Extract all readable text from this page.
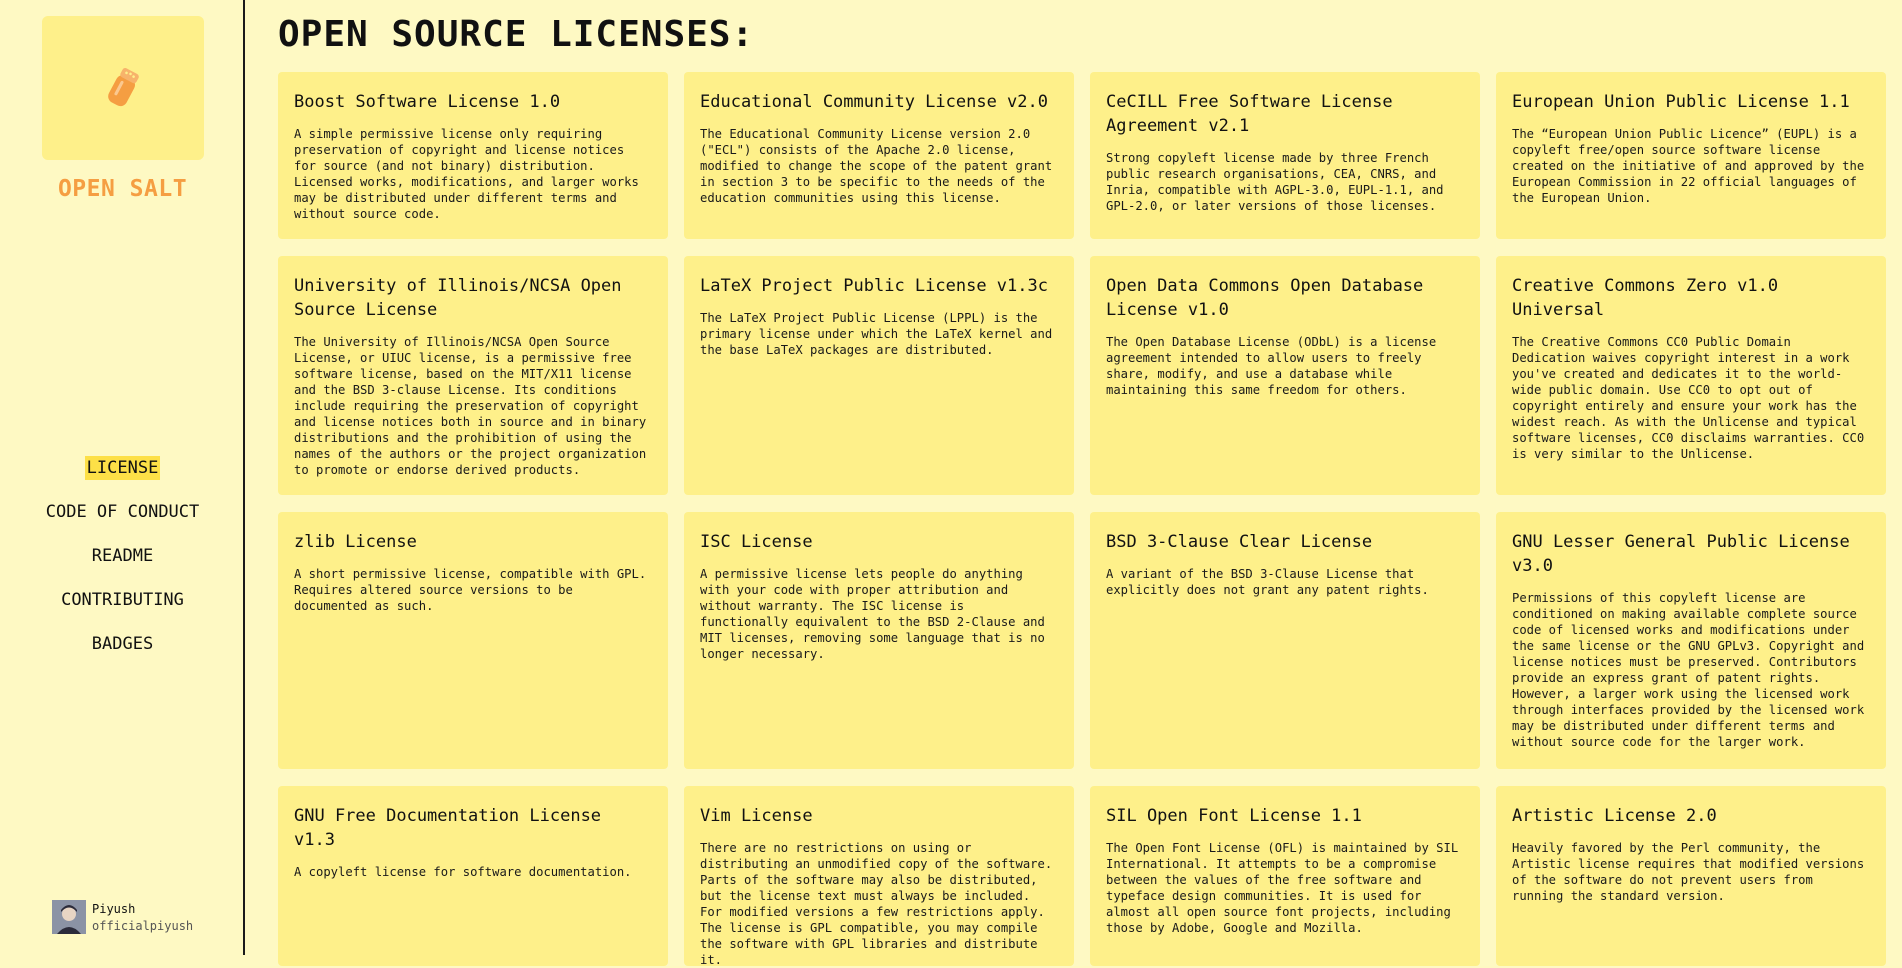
OPEN SALT
LICENSE
CODE OF CONDUCT
README
CONTRIBUTING
BADGES
Piyush
officialpiyush
OPEN SOURCE LICENSES:
Boost Software License 1.0
A simple permissive license only requiring preservation of copyright and license notices for source (and not binary) distribution. Licensed works, modifications, and larger works may be distributed under different terms and without source code.
Educational Community License v2.0
The Educational Community License version 2.0 ("ECL") consists of the Apache 2.0 license, modified to change the scope of the patent grant in section 3 to be specific to the needs of the education communities using this license.
CeCILL Free Software License Agreement v2.1
Strong copyleft license made by three French public research organisations, CEA, CNRS, and Inria, compatible with AGPL-3.0, EUPL-1.1, and GPL-2.0, or later versions of those licenses.
European Union Public License 1.1
The “European Union Public Licence” (EUPL) is a copyleft free/open source software license created on the initiative of and approved by the European Commission in 22 official languages of the European Union.
University of Illinois/NCSA Open Source License
The University of Illinois/NCSA Open Source License, or UIUC license, is a permissive free software license, based on the MIT/X11 license and the BSD 3-clause License. Its conditions include requiring the preservation of copyright and license notices both in source and in binary distributions and the prohibition of using the names of the authors or the project organization to promote or endorse derived products.
LaTeX Project Public License v1.3c
The LaTeX Project Public License (LPPL) is the primary license under which the LaTeX kernel and the base LaTeX packages are distributed.
Open Data Commons Open Database License v1.0
The Open Database License (ODbL) is a license agreement intended to allow users to freely share, modify, and use a database while maintaining this same freedom for others.
Creative Commons Zero v1.0 Universal
The Creative Commons CC0 Public Domain Dedication waives copyright interest in a work you've created and dedicates it to the world-wide public domain. Use CC0 to opt out of copyright entirely and ensure your work has the widest reach. As with the Unlicense and typical software licenses, CC0 disclaims warranties. CC0 is very similar to the Unlicense.
zlib License
A short permissive license, compatible with GPL. Requires altered source versions to be documented as such.
ISC License
A permissive license lets people do anything with your code with proper attribution and without warranty. The ISC license is functionally equivalent to the BSD 2-Clause and MIT licenses, removing some language that is no longer necessary.
BSD 3-Clause Clear License
A variant of the BSD 3-Clause License that explicitly does not grant any patent rights.
GNU Lesser General Public License v3.0
Permissions of this copyleft license are conditioned on making available complete source code of licensed works and modifications under the same license or the GNU GPLv3. Copyright and license notices must be preserved. Contributors provide an express grant of patent rights. However, a larger work using the licensed work through interfaces provided by the licensed work may be distributed under different terms and without source code for the larger work.
GNU Free Documentation License v1.3
A copyleft license for software documentation.
Vim License
There are no restrictions on using or distributing an unmodified copy of the software. Parts of the software may also be distributed, but the license text must always be included. For modified versions a few restrictions apply. The license is GPL compatible, you may compile the software with GPL libraries and distribute it.
SIL Open Font License 1.1
The Open Font License (OFL) is maintained by SIL International. It attempts to be a compromise between the values of the free software and typeface design communities. It is used for almost all open source font projects, including those by Adobe, Google and Mozilla.
Artistic License 2.0
Heavily favored by the Perl community, the Artistic license requires that modified versions of the software do not prevent users from running the standard version.
